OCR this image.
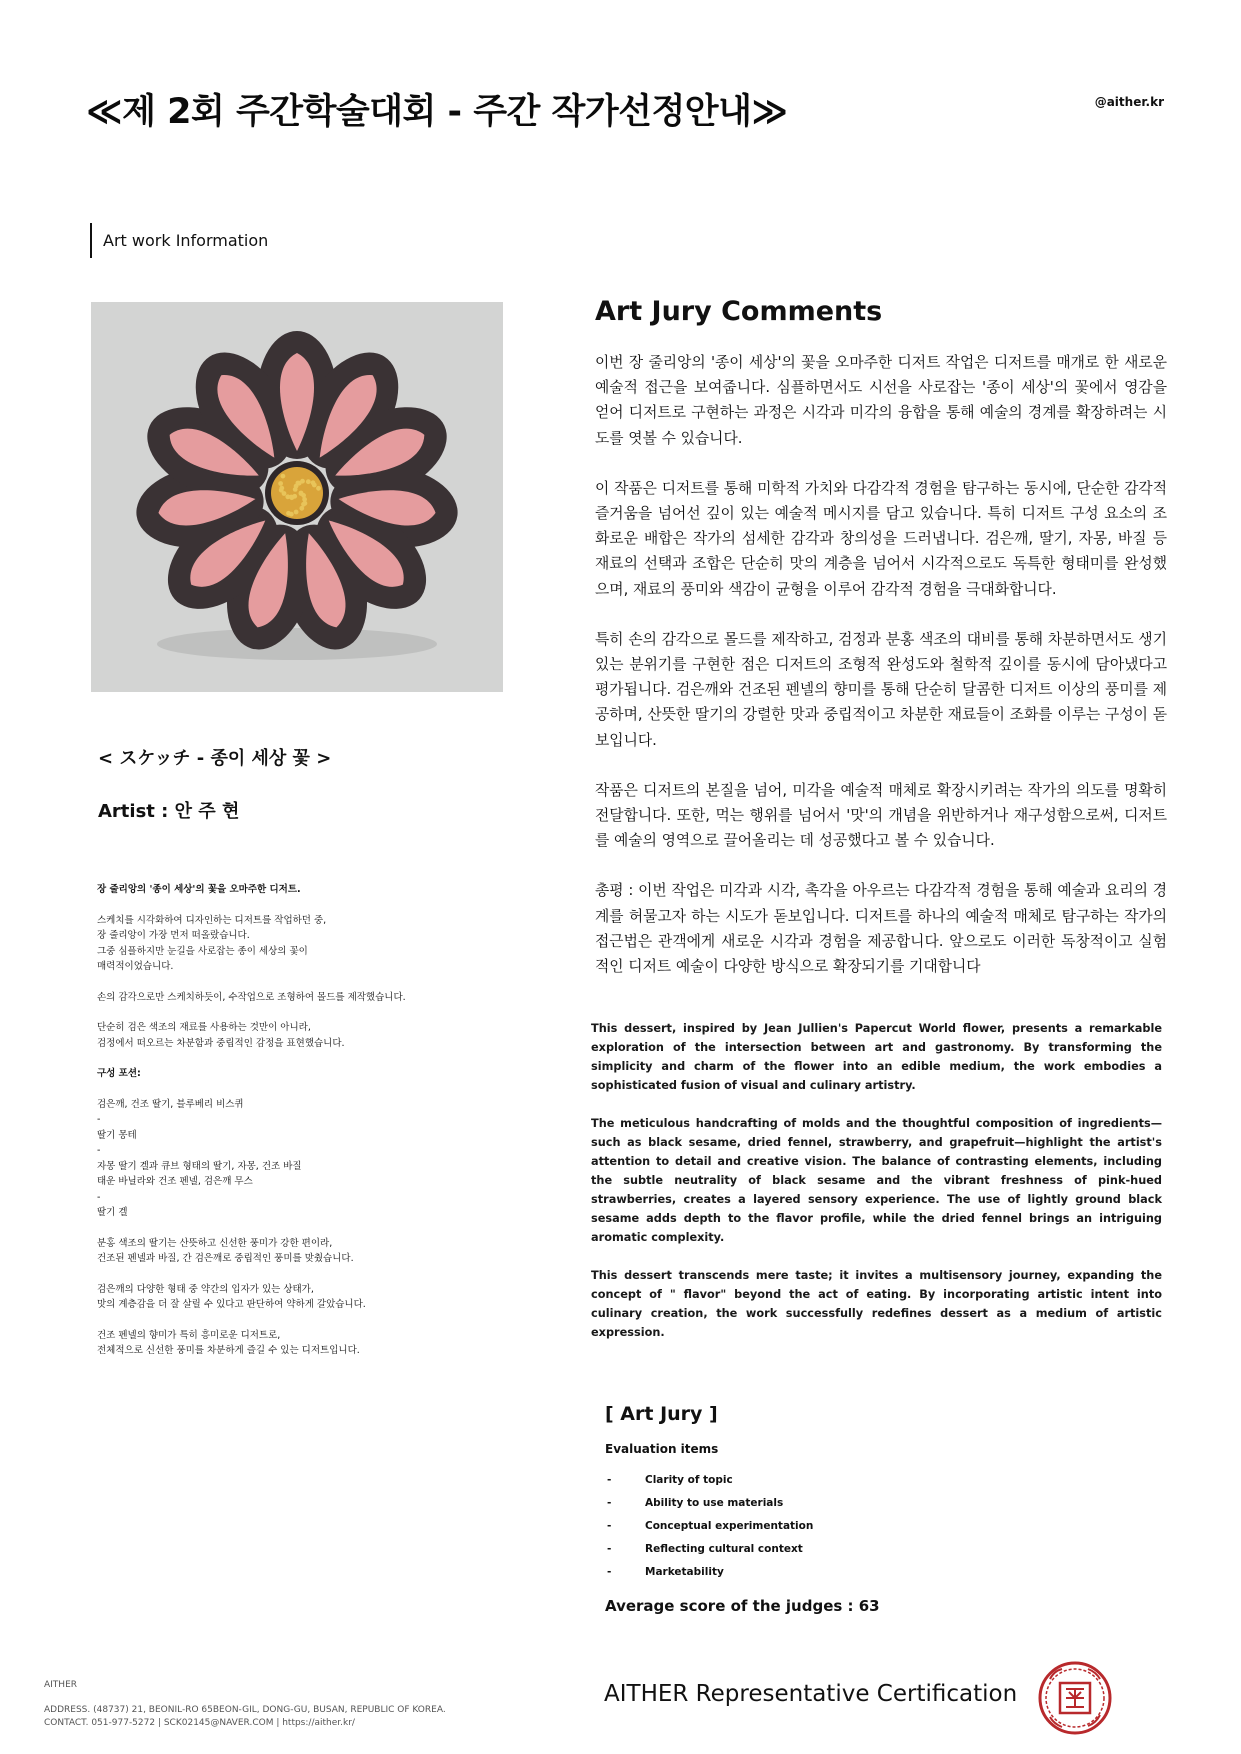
≪제 2회 주간학술대회 - 주간 작가선정안내≫	@aither.kr
Art work Information
< スケッチ - 종이 세상 꽃 >
Artist : 안 주 현

장 줄리앙의 '종이 세상'의 꽃을 오마주한 디저트.

스케치를 시각화하여 디자인하는 디저트를 작업하던 중,
장 줄리앙이 가장 먼저 떠올랐습니다.
그중 심플하지만 눈길을 사로잡는 종이 세상의 꽃이
매력적이었습니다.

손의 감각으로만 스케치하듯이, 수작업으로 조형하여 몰드를 제작했습니다.

단순히 검은 색조의 재료를 사용하는 것만이 아니라,
검정에서 떠오르는 차분함과 중립적인 감정을 표현했습니다.

구성 포션:

검은깨, 건조 딸기, 블루베리 비스퀴
-
딸기 몽테
-
자몽 딸기 겔과 큐브 형태의 딸기, 자몽, 건조 바질
태운 바닐라와 건조 펜넬, 검은깨 무스
-
딸기 겔

분홍 색조의 딸기는 산뜻하고 신선한 풍미가 강한 편이라,
건조된 펜넬과 바질, 간 검은깨로 중립적인 풍미를 맞췄습니다.

검은깨의 다양한 형태 중 약간의 입자가 있는 상태가,
맛의 계층감을 더 잘 살릴 수 있다고 판단하여 약하게 갈았습니다.

건조 펜넬의 향미가 특히 흥미로운 디저트로,
전체적으로 신선한 풍미를 차분하게 즐길 수 있는 디저트입니다.

Art Jury Comments

이번 장 줄리앙의 '종이 세상'의 꽃을 오마주한 디저트 작업은 디저트를 매개로 한 새로운 예술적 접근을 보여줍니다. 심플하면서도 시선을 사로잡는 '종이 세상'의 꽃에서 영감을 얻어 디저트로 구현하는 과정은 시각과 미각의 융합을 통해 예술의 경계를 확장하려는 시도를 엿볼 수 있습니다.

이 작품은 디저트를 통해 미학적 가치와 다감각적 경험을 탐구하는 동시에, 단순한 감각적 즐거움을 넘어선 깊이 있는 예술적 메시지를 담고 있습니다. 특히 디저트 구성 요소의 조화로운 배합은 작가의 섬세한 감각과 창의성을 드러냅니다. 검은깨, 딸기, 자몽, 바질 등 재료의 선택과 조합은 단순히 맛의 계층을 넘어서 시각적으로도 독특한 형태미를 완성했으며, 재료의 풍미와 색감이 균형을 이루어 감각적 경험을 극대화합니다.

특히 손의 감각으로 몰드를 제작하고, 검정과 분홍 색조의 대비를 통해 차분하면서도 생기 있는 분위기를 구현한 점은 디저트의 조형적 완성도와 철학적 깊이를 동시에 담아냈다고 평가됩니다. 검은깨와 건조된 펜넬의 향미를 통해 단순히 달콤한 디저트 이상의 풍미를 제공하며, 산뜻한 딸기의 강렬한 맛과 중립적이고 차분한 재료들이 조화를 이루는 구성이 돋보입니다.

작품은 디저트의 본질을 넘어, 미각을 예술적 매체로 확장시키려는 작가의 의도를 명확히 전달합니다. 또한, 먹는 행위를 넘어서 '맛'의 개념을 위반하거나 재구성함으로써, 디저트를 예술의 영역으로 끌어올리는 데 성공했다고 볼 수 있습니다.

총평 : 이번 작업은 미각과 시각, 촉각을 아우르는 다감각적 경험을 통해 예술과 요리의 경계를 허물고자 하는 시도가 돋보입니다. 디저트를 하나의 예술적 매체로 탐구하는 작가의 접근법은 관객에게 새로운 시각과 경험을 제공합니다. 앞으로도 이러한 독창적이고 실험적인 디저트 예술이 다양한 방식으로 확장되기를 기대합니다

This dessert, inspired by Jean Jullien's Papercut World flower, presents a remarkable exploration of the intersection between art and gastronomy. By transforming the simplicity and charm of the flower into an edible medium, the work embodies a sophisticated fusion of visual and culinary artistry.

The meticulous handcrafting of molds and the thoughtful composition of ingredients—such as black sesame, dried fennel, strawberry, and grapefruit—highlight the artist's attention to detail and creative vision. The balance of contrasting elements, including the subtle neutrality of black sesame and the vibrant freshness of pink-hued strawberries, creates a layered sensory experience. The use of lightly ground black sesame adds depth to the flavor profile, while the dried fennel brings an intriguing aromatic complexity.

This dessert transcends mere taste; it invites a multisensory journey, expanding the concept of " flavor" beyond the act of eating. By incorporating artistic intent into culinary creation, the work successfully redefines dessert as a medium of artistic expression.

[ Art Jury ]
Evaluation items
-	Clarity of topic
-	Ability to use materials
-	Conceptual experimentation
-	Reflecting cultural context
-	Marketability
Average score of the judges : 63
AITHER
ADDRESS. (48737) 21, BEONIL-RO 65BEON-GIL, DONG-GU, BUSAN, REPUBLIC OF KOREA.
CONTACT. 051-977-5272 | SCK02145@NAVER.COM | https://aither.kr/
AITHER Representative Certification
